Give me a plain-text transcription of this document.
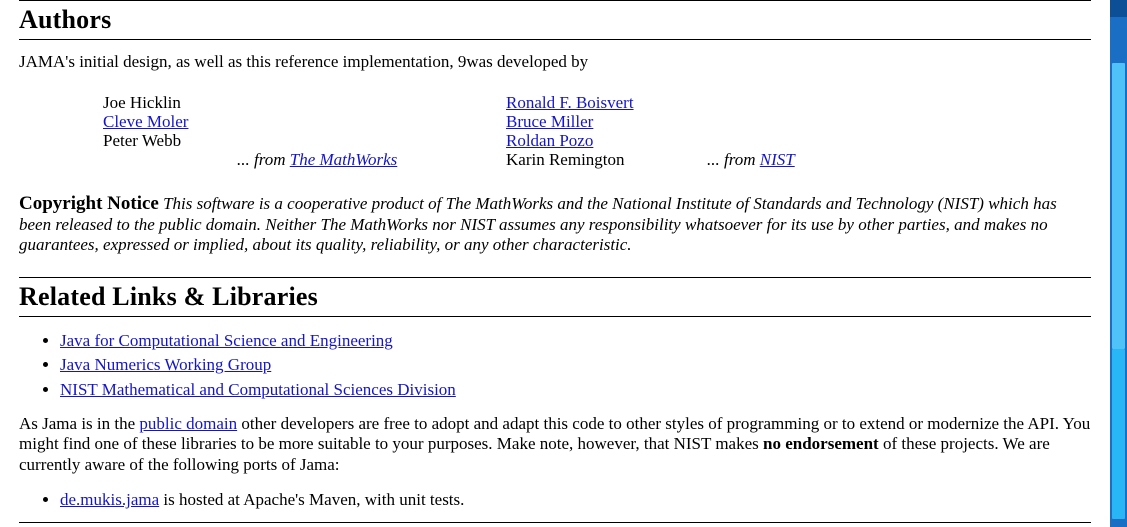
Authors

JAMA's initial design, as well as this reference implementation, 9was developed by

Joe Hicklin
Cleve Moler
Peter Webb
Ronald F. Boisvert
Bruce Miller
Roldan Pozo
Karin Remington
... from The MathWorks	... from NIST
Copyright Notice This software is a cooperative product of The MathWorks and the National Institute of Standards and Technology (NIST) which has been released to the public domain. Neither The MathWorks nor NIST assumes any responsibility whatsoever for its use by other parties, and makes no guarantees, expressed or implied, about its quality, reliability, or any other characteristic.
Related Links & Libraries
• Java for Computational Science and Engineering
• Java Numerics Working Group
• NIST Mathematical and Computational Sciences Division
As Jama is in the public domain other developers are free to adopt and adapt this code to other styles of programming or to extend or modernize the API. You might find one of these libraries to be more suitable to your purposes. Make note, however, that NIST makes no endorsement of these projects. We are currently aware of the following ports of Jama:
• de.mukis.jama is hosted at Apache's Maven, with unit tests.
